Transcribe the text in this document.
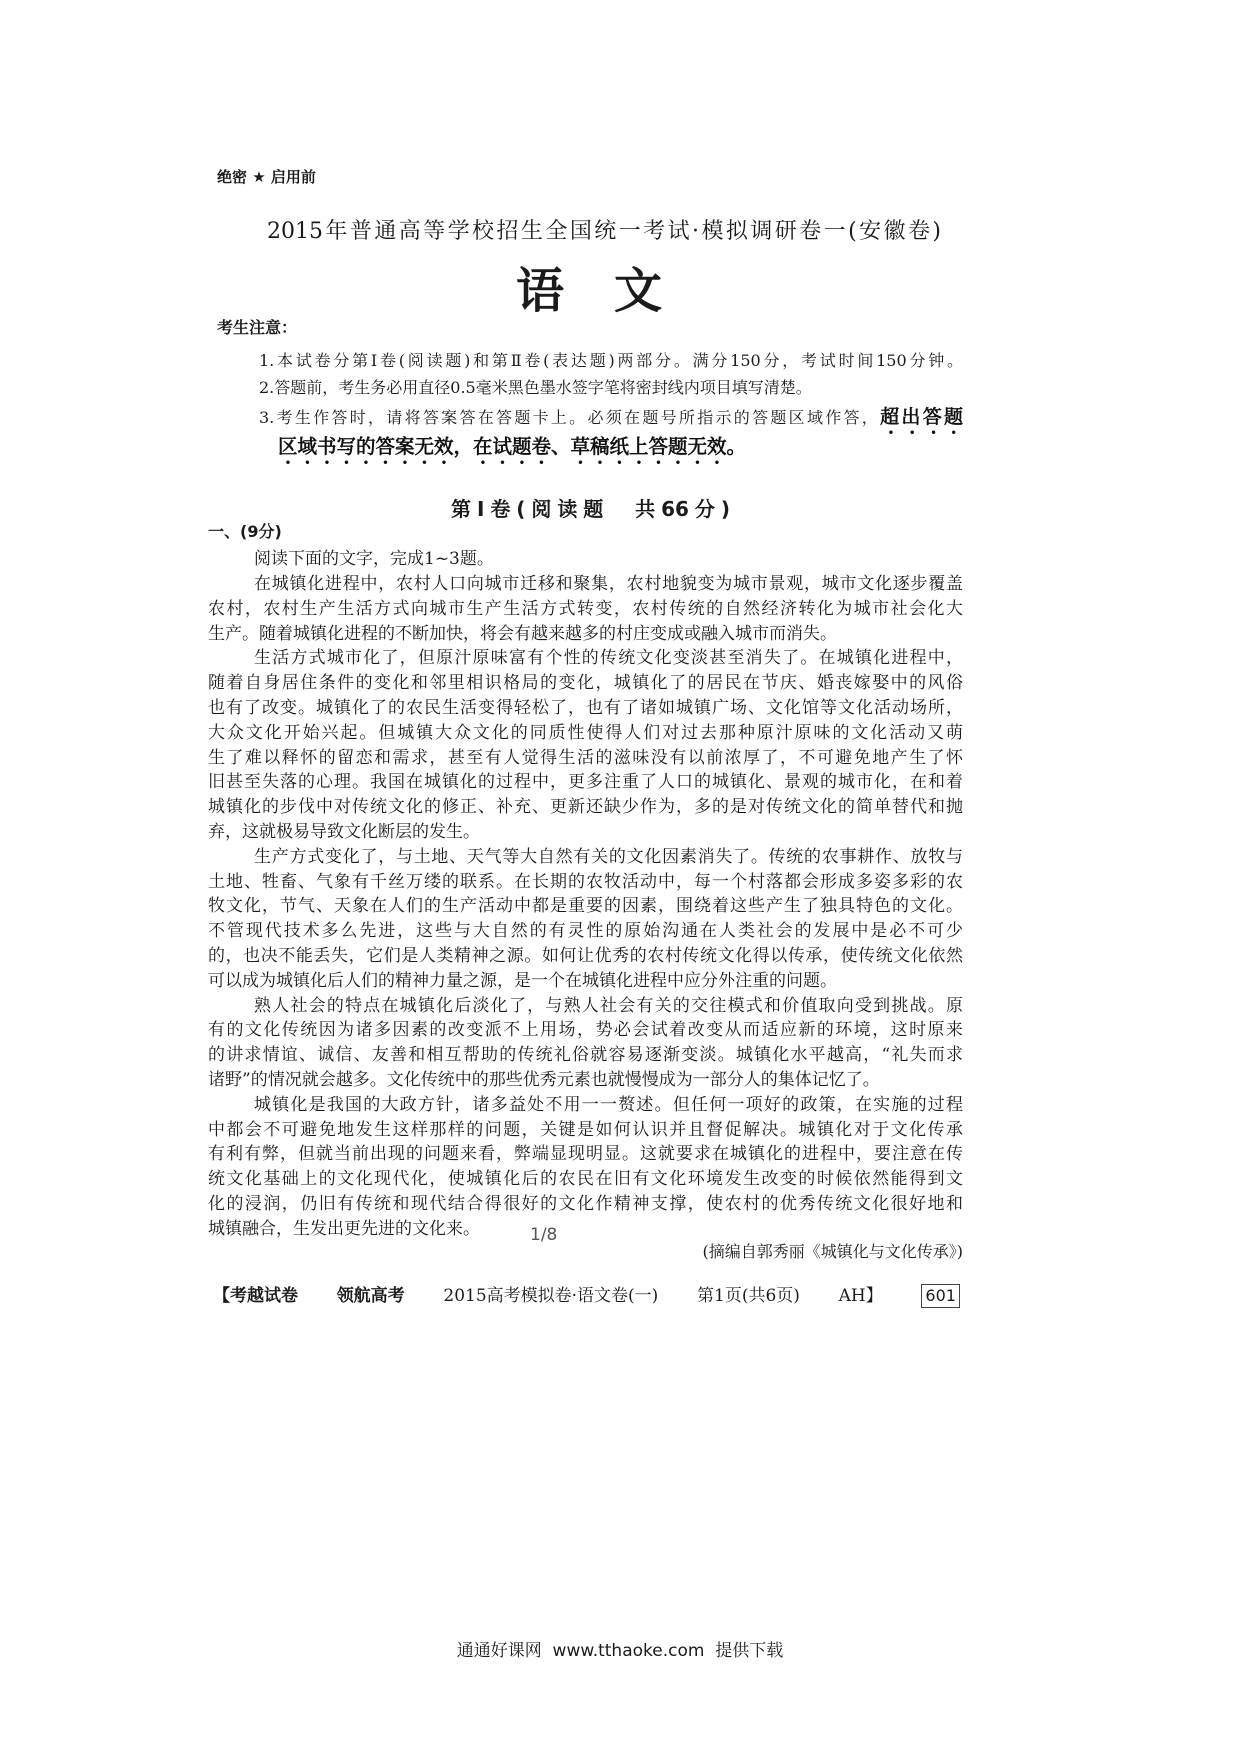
绝密 ★ 启用前
2015年普通高等学校招生全国统一考试·模拟调研卷一(安徽卷)
语文
考生注意：
1.本试卷分第Ⅰ卷(阅读题)和第Ⅱ卷(表达题)两部分。满分150分，考试时间150分钟。
2.答题前，考生务必用直径0.5毫米黑色墨水签字笔将密封线内项目填写清楚。
3.考生作答时，请将答案答在答题卡上。必须在题号所指示的答题区域作答，超出答题
区域书写的答案无效，在试题卷、草稿纸上答题无效。
第Ⅰ卷(阅读题　共66分)
一、(9分)
阅读下面的文字，完成1~3题。
在城镇化进程中，农村人口向城市迁移和聚集，农村地貌变为城市景观，城市文化逐步覆盖
农村，农村生产生活方式向城市生产生活方式转变，农村传统的自然经济转化为城市社会化大
生产。随着城镇化进程的不断加快，将会有越来越多的村庄变成或融入城市而消失。
生活方式城市化了，但原汁原味富有个性的传统文化变淡甚至消失了。在城镇化进程中，
随着自身居住条件的变化和邻里相识格局的变化，城镇化了的居民在节庆、婚丧嫁娶中的风俗
也有了改变。城镇化了的农民生活变得轻松了，也有了诸如城镇广场、文化馆等文化活动场所，
大众文化开始兴起。但城镇大众文化的同质性使得人们对过去那种原汁原味的文化活动又萌
生了难以释怀的留恋和需求，甚至有人觉得生活的滋味没有以前浓厚了，不可避免地产生了怀
旧甚至失落的心理。我国在城镇化的过程中，更多注重了人口的城镇化、景观的城市化，在和着
城镇化的步伐中对传统文化的修正、补充、更新还缺少作为，多的是对传统文化的简单替代和抛
弃，这就极易导致文化断层的发生。
生产方式变化了，与土地、天气等大自然有关的文化因素消失了。传统的农事耕作、放牧与
土地、牲畜、气象有千丝万缕的联系。在长期的农牧活动中，每一个村落都会形成多姿多彩的农
牧文化，节气、天象在人们的生产活动中都是重要的因素，围绕着这些产生了独具特色的文化。
不管现代技术多么先进，这些与大自然的有灵性的原始沟通在人类社会的发展中是必不可少
的，也决不能丢失，它们是人类精神之源。如何让优秀的农村传统文化得以传承，使传统文化依然
可以成为城镇化后人们的精神力量之源，是一个在城镇化进程中应分外注重的问题。
熟人社会的特点在城镇化后淡化了，与熟人社会有关的交往模式和价值取向受到挑战。原
有的文化传统因为诸多因素的改变派不上用场，势必会试着改变从而适应新的环境，这时原来
的讲求情谊、诚信、友善和相互帮助的传统礼俗就容易逐渐变淡。城镇化水平越高，“礼失而求
诸野”的情况就会越多。文化传统中的那些优秀元素也就慢慢成为一部分人的集体记忆了。
城镇化是我国的大政方针，诸多益处不用一一赘述。但任何一项好的政策，在实施的过程
中都会不可避免地发生这样那样的问题，关键是如何认识并且督促解决。城镇化对于文化传承
有利有弊，但就当前出现的问题来看，弊端显现明显。这就要求在城镇化的进程中，要注意在传
统文化基础上的文化现代化，使城镇化后的农民在旧有文化环境发生改变的时候依然能得到文
化的浸润，仍旧有传统和现代结合得很好的文化作精神支撑，使农村的优秀传统文化很好地和
城镇融合，生发出更先进的文化来。	1/8
(摘编自郭秀丽《城镇化与文化传承》)
【考越试卷 领航高考 2015高考模拟卷·语文卷(一) 第1页(共6页) AH】	601
通通好课网  www.tthaoke.com  提供下载
